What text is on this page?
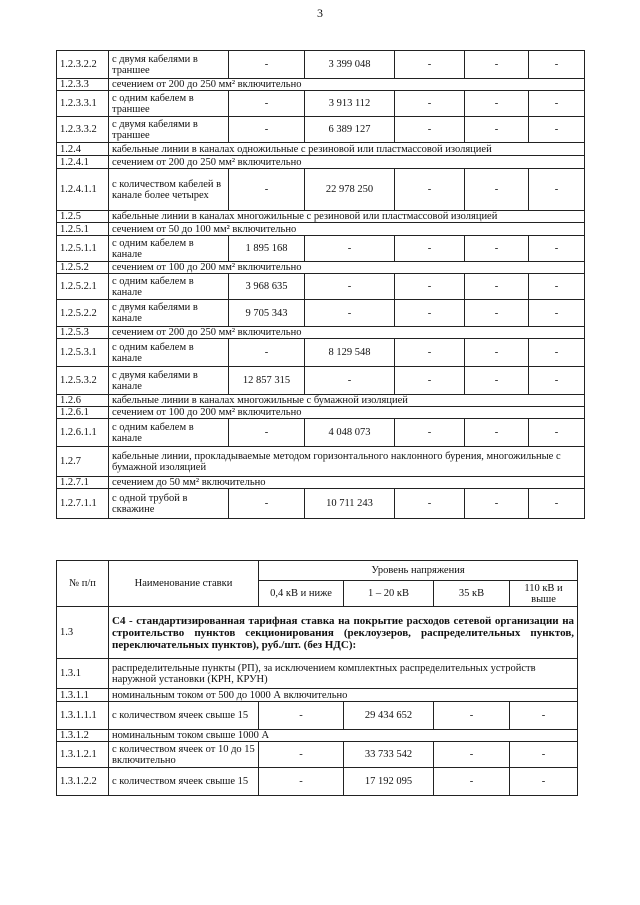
3
1.2.3.2.2	с двумя кабелями в траншее	-	3 399 048	-	-	-
1.2.3.3	сечением от 200 до 250 мм² включительно					
1.2.3.3.1	с одним кабелем в траншее	-	3 913 112	-	-	-
1.2.3.3.2	с двумя кабелями в траншее	-	6 389 127	-	-	-
1.2.4	кабельные линии в каналах одножильные с резиновой или пластмассовой изоляцией					
1.2.4.1	сечением от 200 до 250 мм² включительно					
1.2.4.1.1	с количеством кабелей в канале более четырех	-	22 978 250	-	-	-
1.2.5	кабельные линии в каналах многожильные с резиновой или пластмассовой изоляцией					
1.2.5.1	сечением от 50 до 100 мм² включительно					
1.2.5.1.1	с одним кабелем в канале	1 895 168	-	-	-	-
1.2.5.2	сечением от 100 до 200 мм² включительно					
1.2.5.2.1	с одним кабелем в канале	3 968 635	-	-	-	-
1.2.5.2.2	с двумя кабелями в канале	9 705 343	-	-	-	-
1.2.5.3	сечением от 200 до 250 мм² включительно					
1.2.5.3.1	с одним кабелем в канале	-	8 129 548	-	-	-
1.2.5.3.2	с двумя кабелями в канале	12 857 315	-	-	-	-
1.2.6	кабельные линии в каналах многожильные с бумажной изоляцией					
1.2.6.1	сечением от 100 до 200 мм² включительно					
1.2.6.1.1	с одним кабелем в канале	-	4 048 073	-	-	-
1.2.7	кабельные линии, прокладываемые методом горизонтального наклонного бурения, многожильные с бумажной изоляцией					
1.2.7.1	сечением до 50 мм² включительно					
1.2.7.1.1	с одной трубой в скважине	-	10 711 243	-	-	-
№ п/п	Наименование ставки	Уровень напряжения			
		0,4 кВ и ниже	1 – 20 кВ	35 кВ	110 кВ и выше
1.3	С4 - стандартизированная тарифная ставка на покрытие расходов сетевой организации на строительство пунктов секционирования (реклоузеров, распределительных пунктов, переключательных пунктов), руб./шт. (без НДС):				
1.3.1	распределительные пункты (РП), за исключением комплектных распределительных устройств наружной установки (КРН, КРУН)				
1.3.1.1	номинальным током от 500 до 1000 А включительно				
1.3.1.1.1	с количеством ячеек свыше 15	-	29 434 652	-	-
1.3.1.2	номинальным током свыше 1000 А				
1.3.1.2.1	с количеством ячеек от 10 до 15 включительно	-	33 733 542	-	-
1.3.1.2.2	с количеством ячеек свыше 15	-	17 192 095	-	-
